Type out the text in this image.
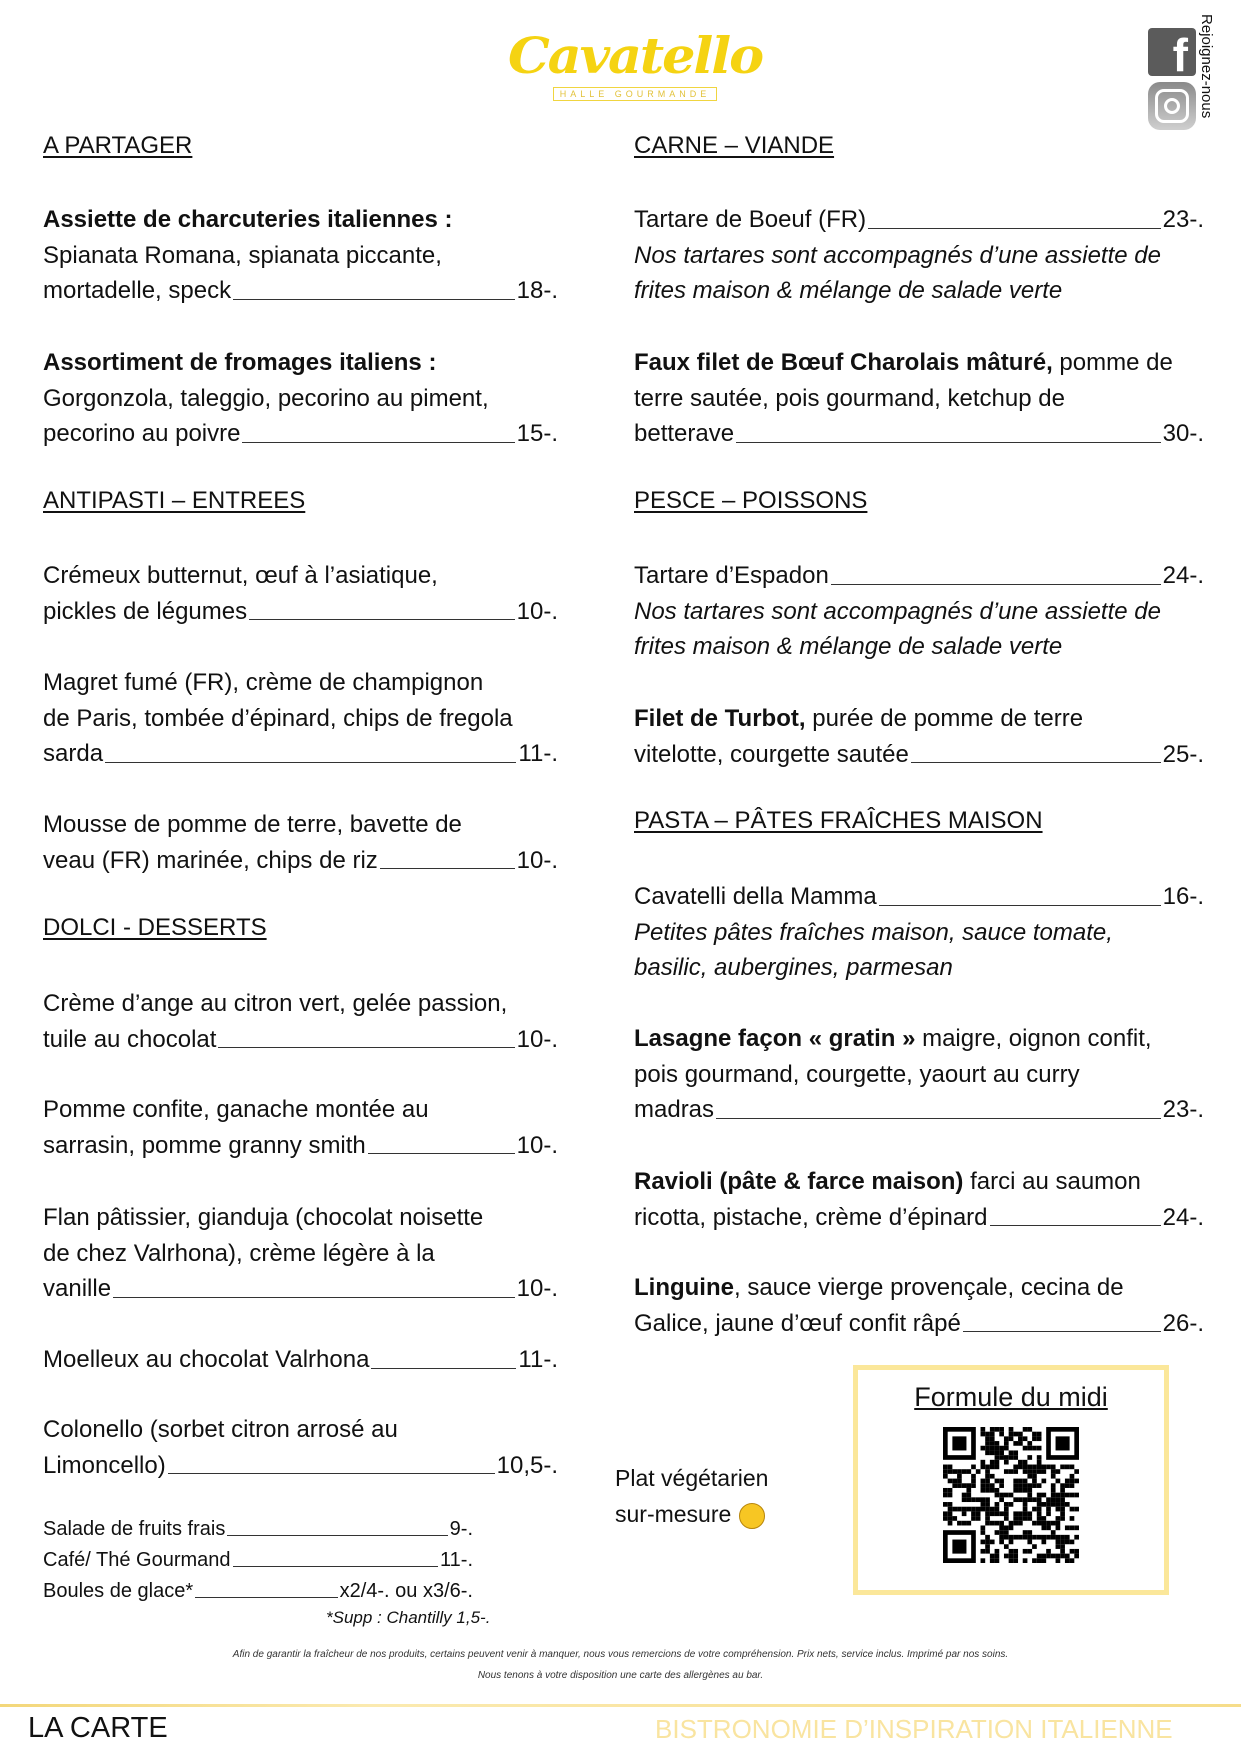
Cavatello
HALLE GOURMANDE
f Rejoignez-nous
A PARTAGER
Assiette de charcuteries italiennes :
Spianata Romana, spianata piccante,
mortadelle, speck	18-.
Assortiment de fromages italiens :
Gorgonzola, taleggio, pecorino au piment,
pecorino au poivre	15-.
ANTIPASTI – ENTREES
Crémeux butternut, œuf à l’asiatique,
pickles de légumes	10-.
Magret fumé (FR), crème de champignon
de Paris, tombée d’épinard, chips de fregola
sarda	11-.
Mousse de pomme de terre, bavette de
veau (FR) marinée, chips de riz	10-.
DOLCI - DESSERTS
Crème d’ange au citron vert, gelée passion,
tuile au chocolat	10-.
Pomme confite, ganache montée au
sarrasin, pomme granny smith	10-.
Flan pâtissier, gianduja (chocolat noisette
de chez Valrhona), crème légère à la
vanille	10-.
Moelleux au chocolat Valrhona	11-.
Colonello (sorbet citron arrosé au
Limoncello)	10,5-.
CARNE – VIANDE
Tartare de Boeuf (FR)	23-.
Nos tartares sont accompagnés d’une assiette de
frites maison & mélange de salade verte
Faux filet de Bœuf Charolais mâturé, pomme de
terre sautée, pois gourmand, ketchup de
betterave	30-.
PESCE – POISSONS
Tartare d’Espadon	24-.
Nos tartares sont accompagnés d’une assiette de
frites maison & mélange de salade verte
Filet de Turbot, purée de pomme de terre
vitelotte, courgette sautée	25-.
PASTA – PÂTES FRAÎCHES MAISON
Cavatelli della Mamma	16-.
Petites pâtes fraîches maison, sauce tomate,
basilic, aubergines, parmesan
Lasagne façon « gratin » maigre, oignon confit,
pois gourmand, courgette, yaourt au curry
madras	23-.
Ravioli (pâte & farce maison) farci au saumon
ricotta, pistache, crème d’épinard	24-.
Linguine , sauce vierge provençale, cecina de
Galice, jaune d’œuf confit râpé	26-.
Salade de fruits frais	9-.
Café/ Thé Gourmand	11-.
Boules de glace*	x2/4-. ou x3/6-.
*Supp : Chantilly 1,5-.
Plat végétarien
sur-mesure
Formule du midi
Afin de garantir la fraîcheur de nos produits, certains peuvent venir à manquer, nous vous remercions de votre compréhension. Prix nets, service inclus. Imprimé par nos soins.
Nous tenons à votre disposition une carte des allergènes au bar.
LA CARTE	BISTRONOMIE D’INSPIRATION ITALIENNE
